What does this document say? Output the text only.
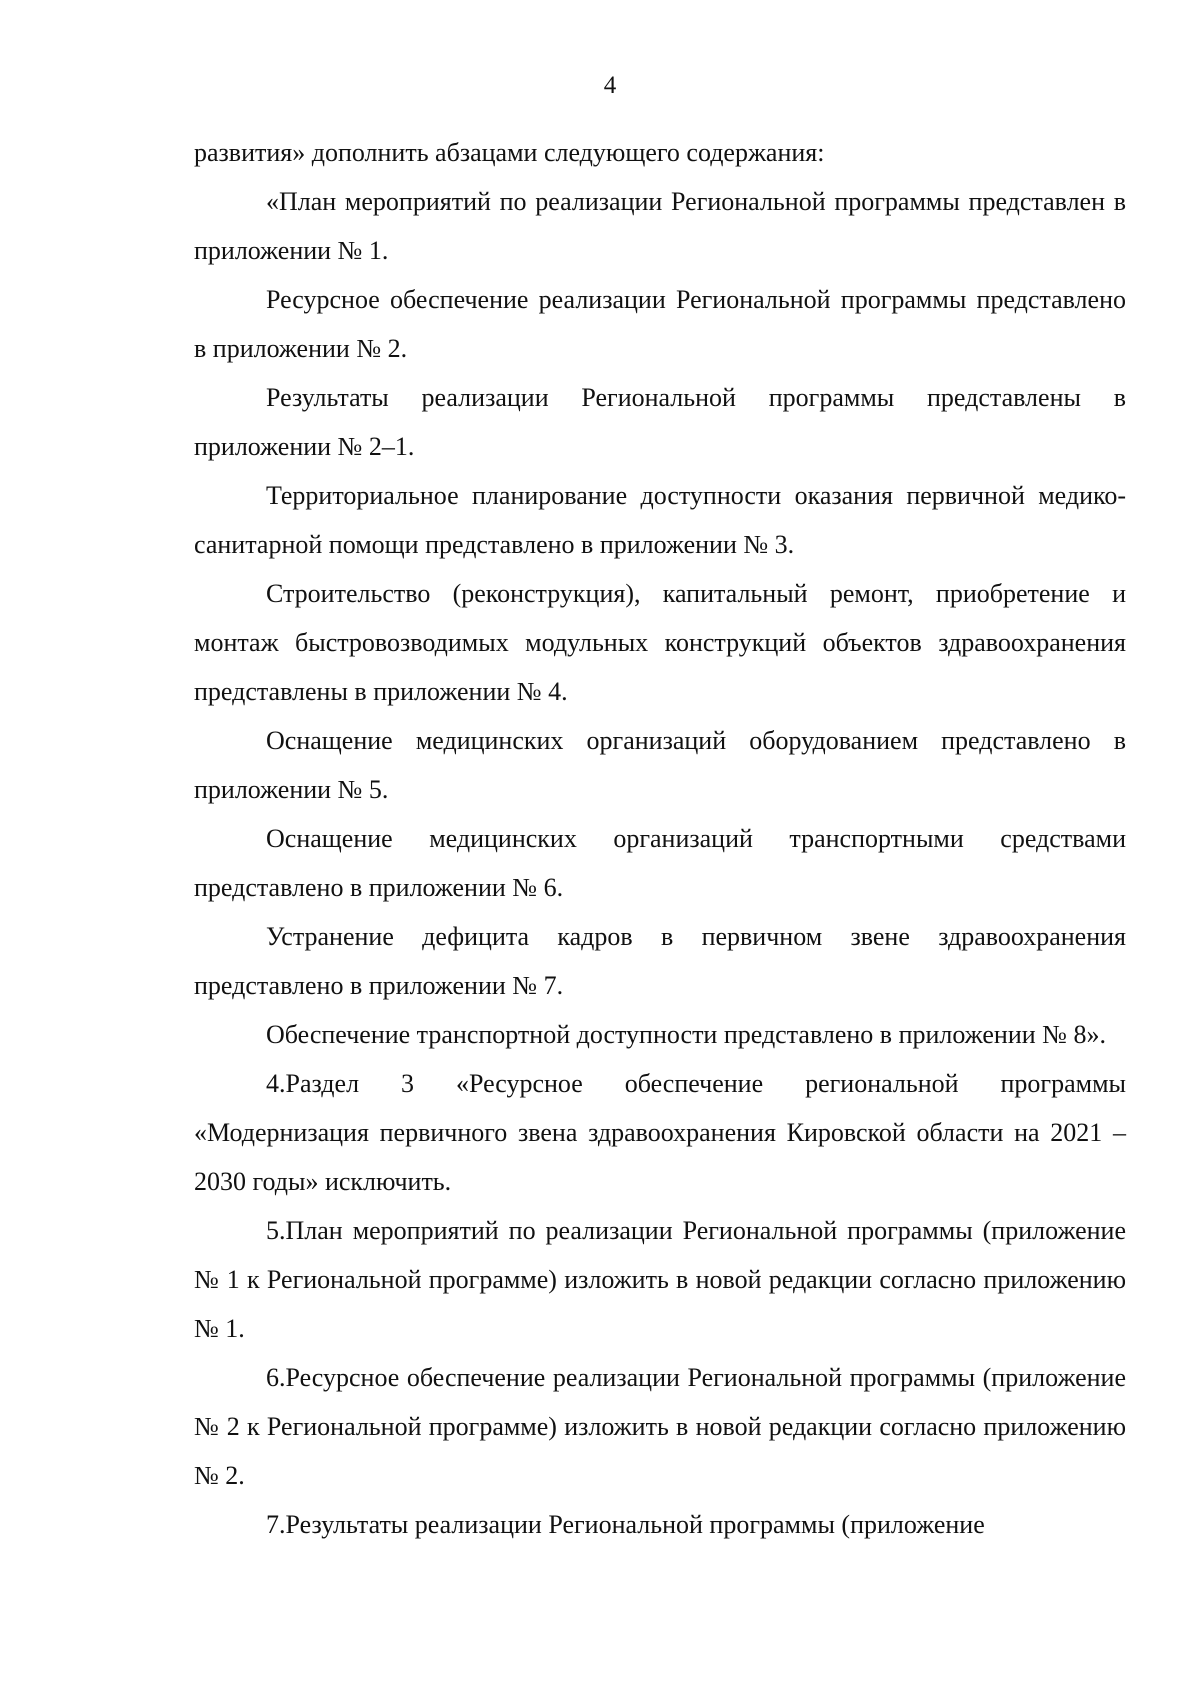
4

развития» дополнить абзацами следующего содержания:

«План мероприятий по реализации Региональной программы представлен в приложении № 1.

Ресурсное обеспечение реализации Региональной программы представлено в приложении № 2.

Результаты реализации Региональной программы представлены в приложении № 2–1.

Территориальное планирование доступности оказания первичной медико-санитарной помощи представлено в приложении № 3.

Строительство (реконструкция), капитальный ремонт, приобретение и монтаж быстровозводимых модульных конструкций объектов здравоохранения представлены в приложении № 4.

Оснащение медицинских организаций оборудованием представлено в приложении № 5.

Оснащение медицинских организаций транспортными средствами представлено в приложении № 6.

Устранение дефицита кадров в первичном звене здравоохранения представлено в приложении № 7.

Обеспечение транспортной доступности представлено в приложении № 8».

4.Раздел 3 «Ресурсное обеспечение региональной программы «Модернизация первичного звена здравоохранения Кировской области на 2021 – 2030 годы» исключить.

5.План мероприятий по реализации Региональной программы (приложение № 1 к Региональной программе) изложить в новой редакции согласно приложению № 1.

6.Ресурсное обеспечение реализации Региональной программы (приложение № 2 к Региональной программе) изложить в новой редакции согласно приложению № 2.

7.Результаты реализации Региональной программы (приложение
